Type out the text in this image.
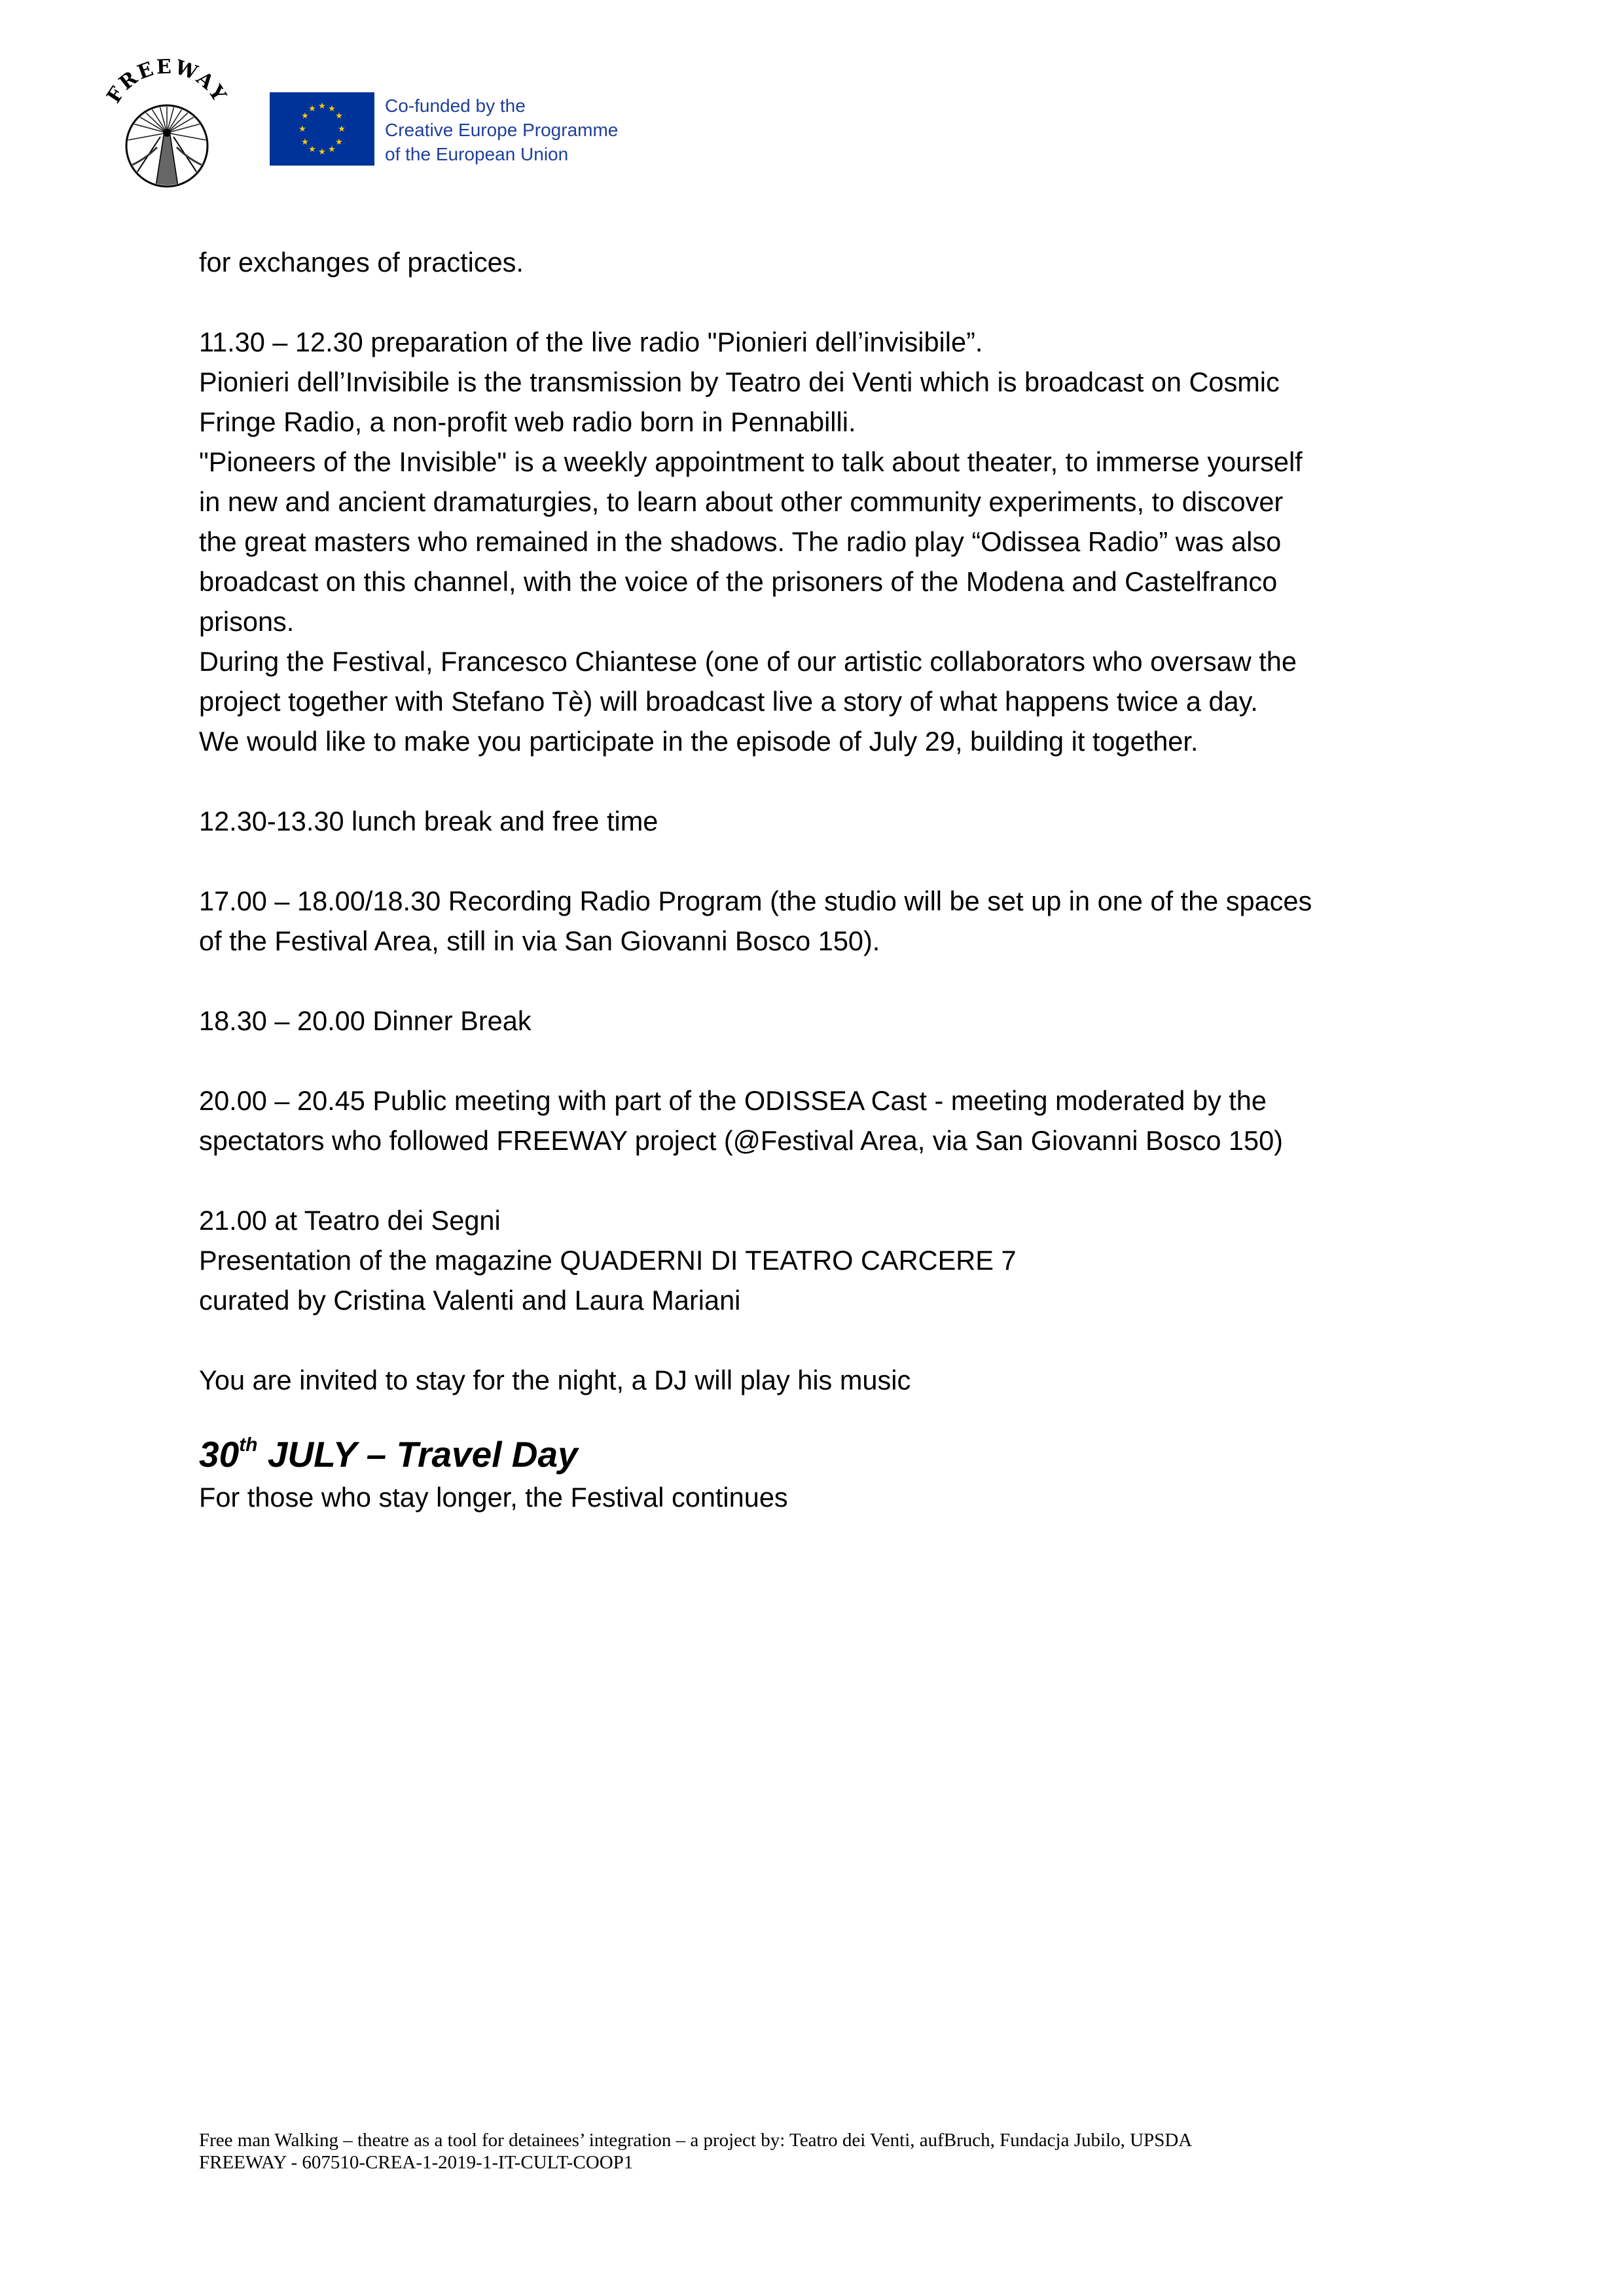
FREEWAY	★ ★
★
★
★
★
★
★
★
★
★
★	Co-funded by the
Creative Europe Programme
of the European Union

for exchanges of practices.

11.30 – 12.30 preparation of the live radio "Pionieri dell’invisibile”.

Pionieri dell’Invisibile is the transmission by Teatro dei Venti which is broadcast on Cosmic

Fringe Radio, a non-profit web radio born in Pennabilli.

"Pioneers of the Invisible" is a weekly appointment to talk about theater, to immerse yourself

in new and ancient dramaturgies, to learn about other community experiments, to discover

the great masters who remained in the shadows. The radio play “Odissea Radio” was also

broadcast on this channel, with the voice of the prisoners of the Modena and Castelfranco

prisons.

During the Festival, Francesco Chiantese (one of our artistic collaborators who oversaw the

project together with Stefano Tè) will broadcast live a story of what happens twice a day.

We would like to make you participate in the episode of July 29, building it together.

12.30-13.30 lunch break and free time

17.00 – 18.00/18.30 Recording Radio Program (the studio will be set up in one of the spaces

of the Festival Area, still in via San Giovanni Bosco 150).

18.30 – 20.00 Dinner Break

20.00 – 20.45 Public meeting with part of the ODISSEA Cast - meeting moderated by the

spectators who followed FREEWAY project (@Festival Area, via San Giovanni Bosco 150)

21.00 at Teatro dei Segni

Presentation of the magazine QUADERNI DI TEATRO CARCERE 7

curated by Cristina Valenti and Laura Mariani

You are invited to stay for the night, a DJ will play his music

30th JULY – Travel Day

For those who stay longer, the Festival continues

Free man Walking – theatre as a tool for detainees’ integration – a project by: Teatro dei Venti, aufBruch, Fundacja Jubilo, UPSDA
FREEWAY - 607510-CREA-1-2019-1-IT-CULT-COOP1
